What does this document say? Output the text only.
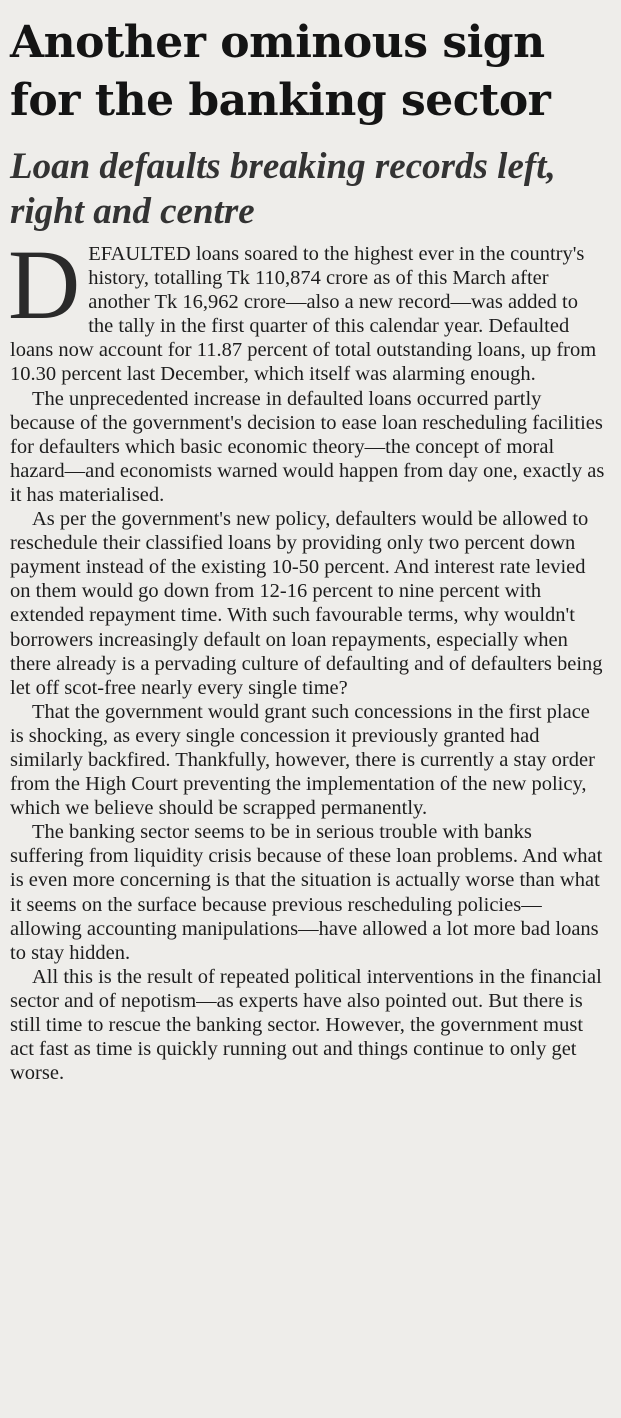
Another ominous sign for the banking sector
Loan defaults breaking records left, right and centre

DEFAULTED loans soared to the highest ever in the country's history, totalling Tk 110,874 crore as of this March after another Tk 16,962 crore—also a new record—was added to the tally in the first quarter of this calendar year. Defaulted loans now account for 11.87 percent of total outstanding loans, up from 10.30 percent last December, which itself was alarming enough.

The unprecedented increase in defaulted loans occurred partly because of the government's decision to ease loan rescheduling facilities for defaulters which basic economic theory—the concept of moral hazard—and economists warned would happen from day one, exactly as it has materialised.

As per the government's new policy, defaulters would be allowed to reschedule their classified loans by providing only two percent down payment instead of the existing 10-50 percent. And interest rate levied on them would go down from 12-16 percent to nine percent with extended repayment time. With such favourable terms, why wouldn't borrowers increasingly default on loan repayments, especially when there already is a pervading culture of defaulting and of defaulters being let off scot-free nearly every single time?

That the government would grant such concessions in the first place is shocking, as every single concession it previously granted had similarly backfired. Thankfully, however, there is currently a stay order from the High Court preventing the implementation of the new policy, which we believe should be scrapped permanently.

The banking sector seems to be in serious trouble with banks suffering from liquidity crisis because of these loan problems. And what is even more concerning is that the situation is actually worse than what it seems on the surface because previous rescheduling policies—allowing accounting manipulations—have allowed a lot more bad loans to stay hidden.

All this is the result of repeated political interventions in the financial sector and of nepotism—as experts have also pointed out. But there is still time to rescue the banking sector. However, the government must act fast as time is quickly running out and things continue to only get worse.
